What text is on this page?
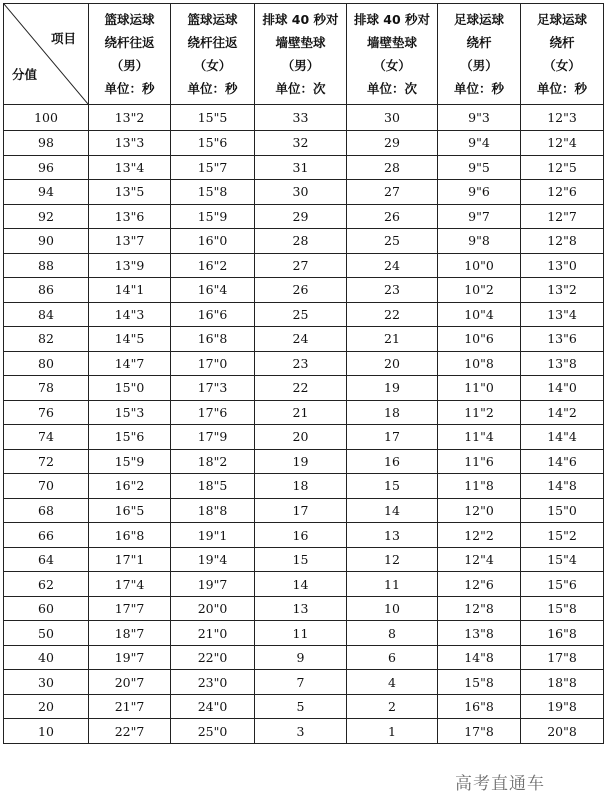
项目
分值	篮球运球
绕杆往返
（男）
单位：秒	篮球运球
绕杆往返
（女）
单位：秒	排球 40 秒对
墙壁垫球
（男）
单位：次	排球 40 秒对
墙壁垫球
（女）
单位：次	足球运球
绕杆
（男）
单位：秒	足球运球
绕杆
（女）
单位：秒

100	13"2	15"5	33	30	9"3	12"3
98	13"3	15"6	32	29	9"4	12"4
96	13"4	15"7	31	28	9"5	12"5
94	13"5	15"8	30	27	9"6	12"6
92	13"6	15"9	29	26	9"7	12"7
90	13"7	16"0	28	25	9"8	12"8
88	13"9	16"2	27	24	10"0	13"0
86	14"1	16"4	26	23	10"2	13"2
84	14"3	16"6	25	22	10"4	13"4
82	14"5	16"8	24	21	10"6	13"6
80	14"7	17"0	23	20	10"8	13"8
78	15"0	17"3	22	19	11"0	14"0
76	15"3	17"6	21	18	11"2	14"2
74	15"6	17"9	20	17	11"4	14"4
72	15"9	18"2	19	16	11"6	14"6
70	16"2	18"5	18	15	11"8	14"8
68	16"5	18"8	17	14	12"0	15"0
66	16"8	19"1	16	13	12"2	15"2
64	17"1	19"4	15	12	12"4	15"4
62	17"4	19"7	14	11	12"6	15"6
60	17"7	20"0	13	10	12"8	15"8
50	18"7	21"0	11	8	13"8	16"8
40	19"7	22"0	9	6	14"8	17"8
30	20"7	23"0	7	4	15"8	18"8
20	21"7	24"0	5	2	16"8	19"8
10	22"7	25"0	3	1	17"8	20"8
高考直通车
